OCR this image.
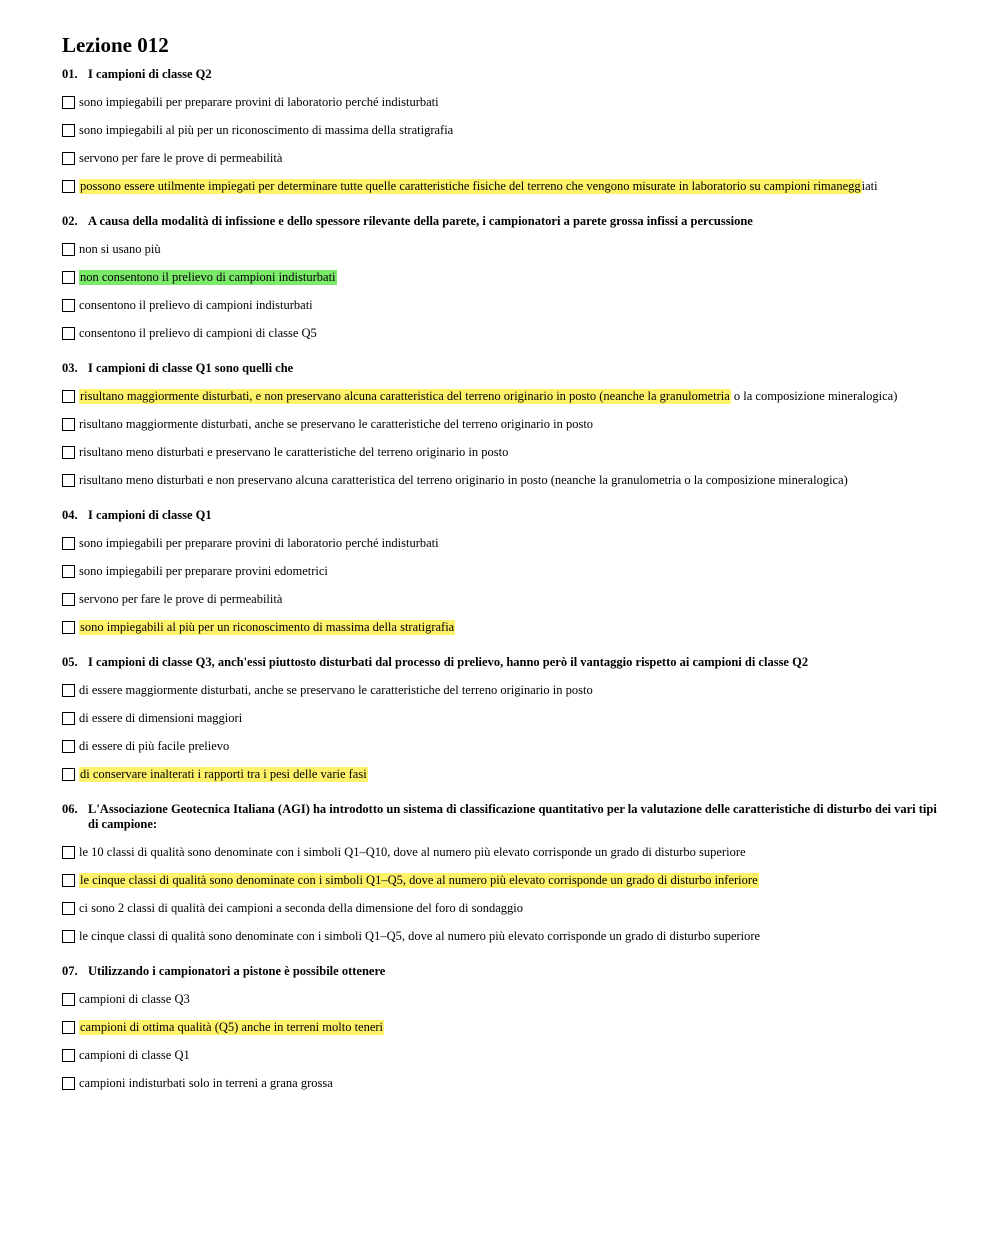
Lezione 012
01. I campioni di classe Q2
sono impiegabili per preparare provini di laboratorio perché indisturbati
sono impiegabili al più per un riconoscimento di massima della stratigrafia
servono per fare le prove di permeabilità
possono essere utilmente impiegati per determinare tutte quelle caratteristiche fisiche del terreno che vengono misurate in laboratorio su campioni rimanegg iati
02. A causa della modalità di infissione e dello spessore rilevante della parete, i campionatori a parete grossa infissi a percussione
non si usano più
non consentono il prelievo di campioni indisturbati
consentono il prelievo di campioni indisturbati
consentono il prelievo di campioni di classe Q5
03. I campioni di classe Q1 sono quelli che
risultano maggiormente disturbati, e non preservano alcuna caratteristica del terreno originario in posto (neanche la granulometria o la composizione mineralogica)
risultano maggiormente disturbati, anche se preservano le caratteristiche del terreno originario in posto
risultano meno disturbati e preservano le caratteristiche del terreno originario in posto
risultano meno disturbati e non preservano alcuna caratteristica del terreno originario in posto (neanche la granulometria o la composizione mineralogica)
04. I campioni di classe Q1
sono impiegabili per preparare provini di laboratorio perché indisturbati
sono impiegabili per preparare provini edometrici
servono per fare le prove di permeabilità
sono impiegabili al più per un riconoscimento di massima della stratigrafia
05. I campioni di classe Q3, anch'essi piuttosto disturbati dal processo di prelievo, hanno però il vantaggio rispetto ai campioni di classe Q2
di essere maggiormente disturbati, anche se preservano le caratteristiche del terreno originario in posto
di essere di dimensioni maggiori
di essere di più facile prelievo
di conservare inalterati i rapporti tra i pesi delle varie fasi
06. L'Associazione Geotecnica Italiana (AGI) ha introdotto un sistema di classificazione quantitativo per la valutazione delle caratteristiche di disturbo dei vari tipi di campione:
le 10 classi di qualità sono denominate con i simboli Q1–Q10, dove al numero più elevato corrisponde un grado di disturbo superiore
le cinque classi di qualità sono denominate con i simboli Q1–Q5, dove al numero più elevato corrisponde un grado di disturbo inferiore
ci sono 2 classi di qualità dei campioni a seconda della dimensione del foro di sondaggio
le cinque classi di qualità sono denominate con i simboli Q1–Q5, dove al numero più elevato corrisponde un grado di disturbo superiore
07. Utilizzando i campionatori a pistone è possibile ottenere
campioni di classe Q3
campioni di ottima qualità (Q5) anche in terreni molto teneri
campioni di classe Q1
campioni indisturbati solo in terreni a grana grossa
